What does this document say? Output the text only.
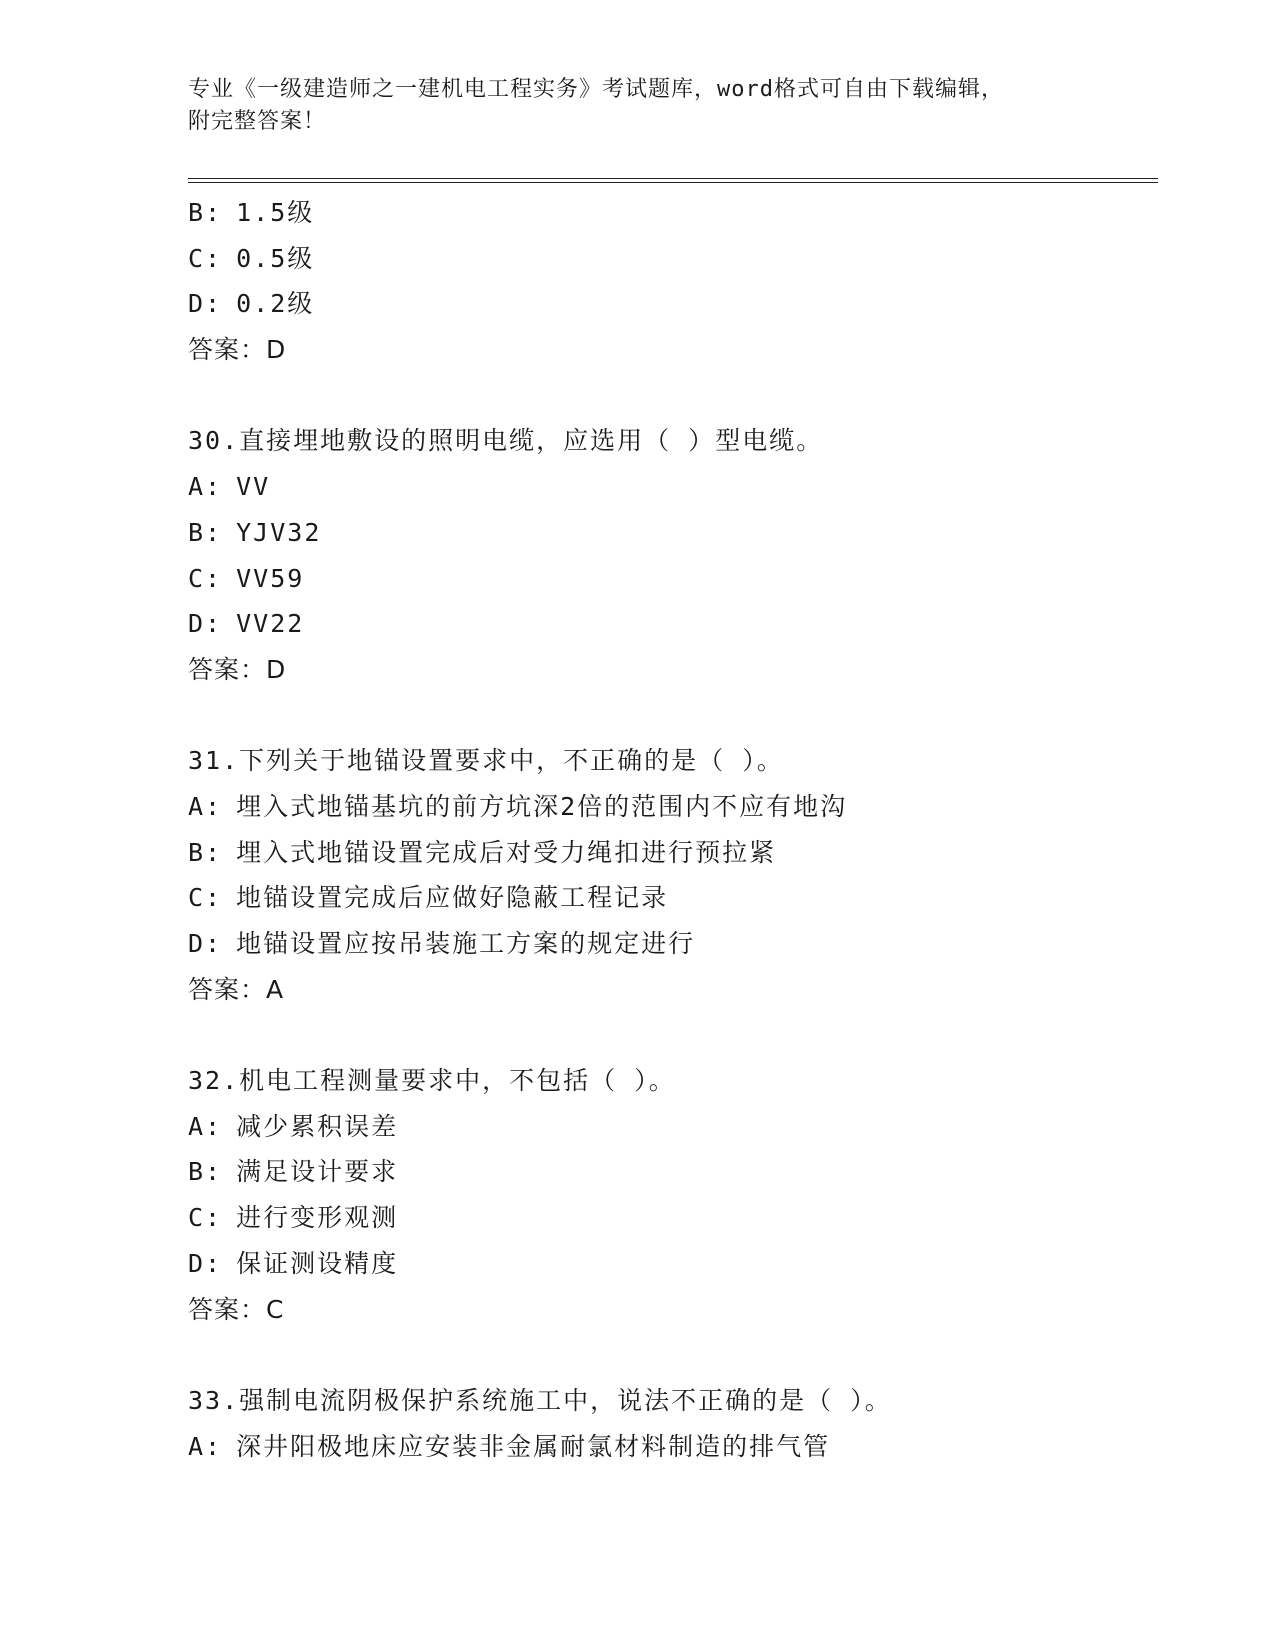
专业《一级建造师之一建机电工程实务》考试题库，word格式可自由下载编辑，
附完整答案！
B: 1.5级
C: 0.5级
D: 0.2级
答案：D
30.直接埋地敷设的照明电缆，应选用（ ）型电缆。
A: VV
B: YJV32
C: VV59
D: VV22
答案：D
31.下列关于地锚设置要求中，不正确的是（ ）。
A: 埋入式地锚基坑的前方坑深2倍的范围内不应有地沟
B: 埋入式地锚设置完成后对受力绳扣进行预拉紧
C: 地锚设置完成后应做好隐蔽工程记录
D: 地锚设置应按吊装施工方案的规定进行
答案：A
32.机电工程测量要求中，不包括（ ）。
A: 减少累积误差
B: 满足设计要求
C: 进行变形观测
D: 保证测设精度
答案：C
33.强制电流阴极保护系统施工中，说法不正确的是（ ）。
A: 深井阳极地床应安装非金属耐氯材料制造的排气管
